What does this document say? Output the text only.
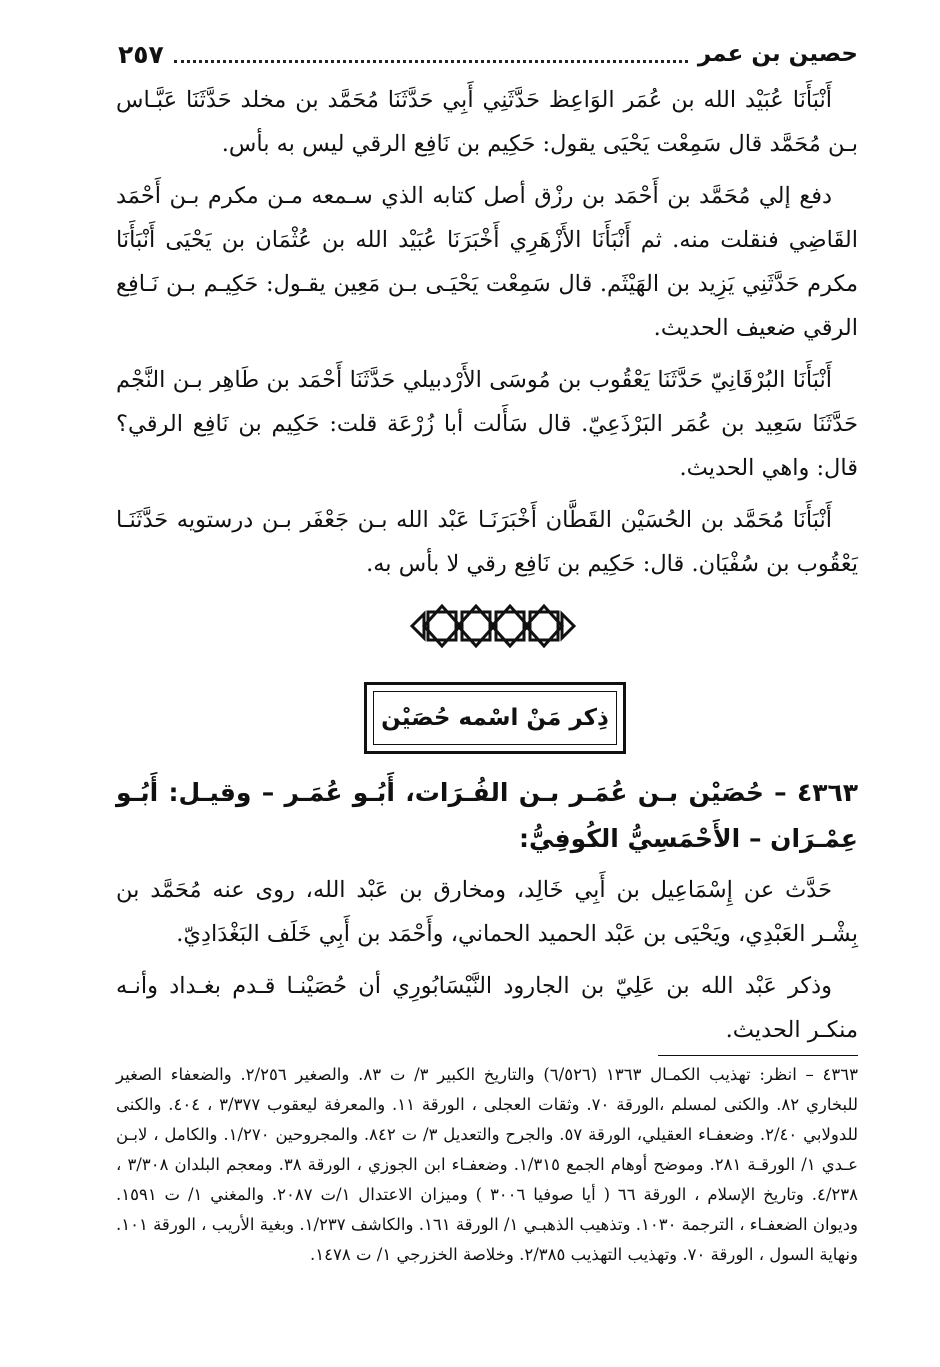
حصين بن عمر
٢٥٧

أَنْبَأَنَا عُبَيْد الله بن عُمَر الوَاعِظ حَدَّثَنِي أَبِي حَدَّثَنَا مُحَمَّد بن مخلد حَدَّثَنَا عَبَّـاس بـن مُحَمَّد قال سَمِعْت يَحْيَى يقول: حَكِيم بن نَافِع الرقي ليس به بأس.

دفع إلي مُحَمَّد بن أَحْمَد بن رزْق أصل كتابه الذي سـمعه مـن مكرم بـن أَحْمَد القَاضِي فنقلت منه. ثم أَنْبَأَنَا الأَزْهَرِي أَخْبَرَنَا عُبَيْد الله بن عُثْمَان بن يَحْيَى أَنْبَأَنَا مكرم حَدَّثَنِي يَزِيد بن الهَيْثَم. قال سَمِعْت يَحْيَـى بـن مَعِين يقـول: حَكِيـم بـن نَـافِع الرقي ضعيف الحديث.

أَنْبَأَنَا البُرْقَانِيّ حَدَّثَنَا يَعْقُوب بن مُوسَى الأَرْدبيلي حَدَّثَنَا أَحْمَد بن طَاهِر بـن النَّجْم حَدَّثَنَا سَعِيد بن عُمَر البَرْذَعِيّ. قال سَأَلت أبا زُرْعَة قلت: حَكِيم بن نَافِع الرقي؟ قال: واهي الحديث.

أَنْبَأَنَا مُحَمَّد بن الحُسَيْن القَطَّان أَخْبَرَنَـا عَبْد الله بـن جَعْفَر بـن درستويه حَدَّثَنَـا يَعْقُوب بن سُفْيَان. قال: حَكِيم بن نَافِع رقي لا بأس به.

ذِكر مَنْ اسْمه حُصَيْن
٤٣٦٣ – حُصَيْن بـن عُمَـر بـن الفُـرَات، أَبُـو عُمَـر – وقيـل: أَبُـو عِمْـرَان – الأَحْمَسِيُّ الكُوفِيُّ:

حَدَّث عن إِسْمَاعِيل بن أَبِي خَالِد، ومخارق بن عَبْد الله، روى عنه مُحَمَّد بن بِشْـر العَبْدِي، ويَحْيَى بن عَبْد الحميد الحماني، وأَحْمَد بن أَبِي خَلَف البَغْدَادِيّ.

وذكر عَبْد الله بن عَلِيّ بن الجارود النَّيْسَابُورِي أن حُصَيْنـا قـدم بغـداد وأنـه منكـر الحديث.

٤٣٦٣ – انظر: تهذيب الكمـال ١٣٦٣ (٦/٥٢٦) والتاريخ الكبير ٣/ ت ٨٣. والصغير ٢/٢٥٦. والضعفاء الصغير للبخاري ٨٢. والكنى لمسلم ،الورقة ٧٠. وثقات العجلى ، الورقة ١١. والمعرفة ليعقوب ٣/٣٧٧ ، ٤٠٤. والكنى للدولابي ٢/٤٠. وضعفـاء العقيلي، الورقة ٥٧. والجرح والتعديل ٣/ ت ٨٤٢. والمجروحين ١/٢٧٠. والكامل ، لابـن عـدي ١/ الورقـة ٢٨١. وموضح أوهام الجمع ١/٣١٥. وضعفـاء ابن الجوزي ، الورقة ٣٨. ومعجم البلدان ٣/٣٠٨ ، ٤/٢٣٨. وتاريخ الإسلام ، الورقة ٦٦ ( أيا صوفيا ٣٠٠٦ ) وميزان الاعتدال ١/ت ٢٠٨٧. والمغني ١/ ت ١٥٩١. وديوان الضعفـاء ، الترجمة ١٠٣٠. وتذهيب الذهبـي ١/ الورقة ١٦١. والكاشف ١/٢٣٧. وبغية الأريب ، الورقة ١٠١. ونهاية السول ، الورقة ٧٠. وتهذيب التهذيب ٢/٣٨٥. وخلاصة الخزرجي ١/ ت ١٤٧٨.
